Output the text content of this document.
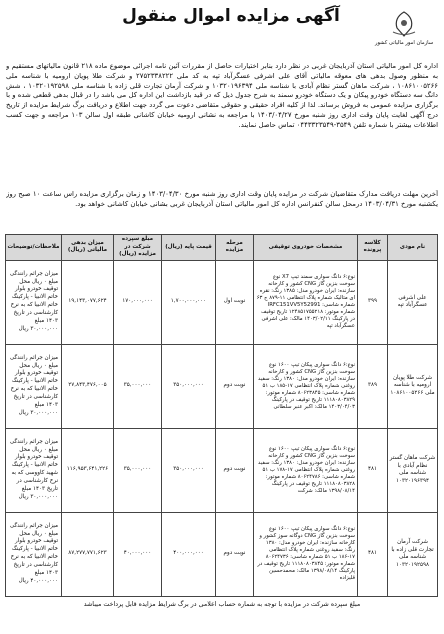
سازمان امور مالیاتی کشور
آگهی مزایده اموال منقول
اداره کل امور مالیاتی استان آذربایجان غربی در نظر دارد بنابر اختیارات حاصل از مقررات آئین نامه اجرائی موضوع ماده ۲۱۸ قانون مالیاتهای مستقیم و به منظور وصول بدهی های معوقه مالیاتی آقای علی اشرفی عسگرآباد تپه به کد ملی ۲۷۵۲۳۳۸۲۲۲ و شرکت طلا پویان ارومیه با شناسه ملی ۱۰۸۶۱۰۰۵۲۶۶ ، شرکت ماهان گستر نظام آبادی با شناسه ملی ۱۰۳۲۰۱۹۶۳۹۴ و شرکت آرمان تجارت قلی زاده با شناسه ملی ۱۰۳۲۰۱۹۲۵۹۸ ، شش دانگ سه دستگاه خودرو پیکان و یک دستگاه خودرو سمند به شرح جدول ذیل که در قید بازداشت این اداره کل می باشد را در قبال بدهی قطعی شده و با برگزاری مزایده عمومی به فروش برساند. لذا از کلیه افراد حقیقی و حقوقی متقاضی دعوت می گردد جهت اطلاع و دریافت برگ شرایط مزایده از تاریخ درج آگهی لغایت پایان وقت اداری روز شنبه مورخ ۱۴۰۳/۰۴/۲۷ با مراجعه به نشانی ارومیه خیابان کاشانی طبقه اول سالن ۱۰۳ مراجعه و جهت کسب اطلاعات بیشتر با شماره تلفن ۳۵۴۹-۰۴۴۳۳۲۳۵۴۹ تماس حاصل نمایند.
آخرین مهلت دریافت مدارک متقاضیان شرکت در مزایده پایان وقت اداری روز شنبه مورخ ۱۴۰۳/۰۴/۳۰ و زمان برگزاری مزایده راس ساعت ۱۰ صبح روز یکشنبه مورخ ۱۴۰۳/۰۴/۳۱ درمحل سالن کنفرانس اداره کل امور مالیاتی استان آذربایجان غربی بشانی خیابان کاشانی خواهد بود.
نام مودی	کلاسه پرونده	مشخصات خودروی توقیفی	مرحله مزایده	قیمت پایه (ریال)	مبلغ سپرده شرکت در مزایده (ریال)	میزان بدهی مالیاتی (ریال)	ملاحظات/توضیحات
علی اشرفی عسگرآباد تپه	۳۹۹	نوع:۶ دانگ سواری سمند تیپ X7 نوع سوخت بنزین گاز CNG کشور و کارخانه سازنده: ایران خودرو مدل: ۱۳۸۵ رنگ: نقره ای متالیک شماره پلاک انتظامی ۱۱-۸۷۹ ج ۶۳ شماره شاسی: IRFC151VV5Y52991 شماره موتور: ۱۲۴۸۵۱۷۵۵۲۱۸ تاریخ توقیف در پارکینگ ۱۴۰۳/۰۲/۱۱ مالک: علی اشرفی عسگرآباد تپه	نوبت اول	۱,۷۰۰,۰۰۰,۰۰۰	۱۷۰,۰۰۰,۰۰۰	۱۹,۱۴۳,۰۷۷,۶۲۴	میزان جرائم رانندگی مبلغ ۰ ریال محل توقیف خودرو بلوار خاتم الانبیا - پارکینگ خاتم الانبیا که به نرخ کارشناسی در تاریخ ۱۴۰۳ مبلغ ۳۰,۰۰۰,۰۰۰ ریال
شرکت طلا پویان ارومیه با شناسه ملی ۱۰۸۶۱۰۰۵۲۶۶	۳۸۹	نوع:۶ دانگ سواری پیکان تیپ ۱۶۰۰ نوع سوخت بنزین گاز CNG کشور و کارخانه سازنده: ایران خودرو مدل: ۱۳۸۰ رنگ: سفید روغنی شماره پلاک انتظامی ۱۷-۱۸۵ ب ۵۱ شماره شاسی: ۸۰۶۲۳۸۴۵ شماره موتور: ۱۱۱۸۰۸۰۳۸۲۹ تاریخ توقیف در پارکینگ ۱۴۰۳/۰۴/۰۳ مالک: اکبر عنبر سلطانی	نوبت دوم	۳۵۰,۰۰۰,۰۰۰	۳۵,۰۰۰,۰۰۰	۲۷,۸۴۳,۴۷۶,۰۰۵	میزان جرائم رانندگی مبلغ ۰ ریال محل توقیف خودرو بلوار خاتم الانبیا - پارکینگ خاتم الانبیا که به نرخ کارشناسی در تاریخ ۱۴۰۳ مبلغ ۳۰,۰۰۰,۰۰۰ ریال
شرکت ماهان گستر نظام آبادی با شناسه ملی ۱۰۳۲۰۱۹۶۳۹۴	۴۸۱	نوع:۶ دانگ سواری پیکان تیپ ۱۶۰۰ نوع سوخت بنزین گاز CNG کشور و کارخانه سازنده: ایران خودرو مدل: ۱۳۸۰ رنگ: سفید روغنی شماره پلاک انتظامی ۱۷-۱۷۸ ب ۵۱ شماره شاسی: ۸۰۶۲۴۷۸۶ شماره موتور: ۱۱۱۸۰۸۰۳۸۲۸ تاریخ توقیف در پارکینگ ۱۳۹۸/۰۸/۱۴ مالک: شرکت	نوبت دوم	۳۵۰,۰۰۰,۰۰۰	۳۵,۰۰۰,۰۰۰	۱۱۶,۹۵۳,۶۴۱,۲۲۶	میزان جرائم رانندگی مبلغ ۰ ریال محل توقیف خودرو بلوار خاتم الانبیا - پارکینگ شهید کاووسی که به نرخ کارشناسی در تاریخ ۱۴۰۳ مبلغ ۳۰,۰۰۰,۰۰۰ ریال
شرکت آرمان تجارت قلی زاده با شناسه ملی ۱۰۳۲۰۱۹۲۵۹۸	۴۸۱	نوع:۶ دانگ سواری پیکان تیپ ۱۶۰۰ نوع سوخت بنزین گاز CNG دوگانه سوز کشور و کارخانه سازنده: ایران خودرو مدل: ۱۳۸۰ رنگ: سفید روغنی شماره پلاک انتظامی ۱۷-۱۸۶ ب ۵۱ شماره شاسی: ۸۰۶۲۴۷۳۶ شماره موتور: ۱۱۱۸۰۸۰۳۸۴۵ تاریخ توقیف در پارکینگ ۱۳۹۸/۰۸/۱۴ مالک: محمدحسین قلیزاده	نوبت دوم	۴۰۰,۰۰۰,۰۰۰	۴۰,۰۰۰,۰۰۰	۸۷,۲۷۷,۷۷۱,۶۲۳	میزان جرائم رانندگی مبلغ ۰ ریال محل توقیف خودرو بلوار خاتم الانبیا - پارکینگ خاتم الانبیا که به نرخ کارشناسی در تاریخ ۱۴۰۳ مبلغ ۴۰,۰۰۰,۰۰۰ ریال
مبلغ سپرده شرکت در مزایده با توجه به شماره حساب اعلامی در برگ شرایط مزایده قابل پرداخت میباشد
